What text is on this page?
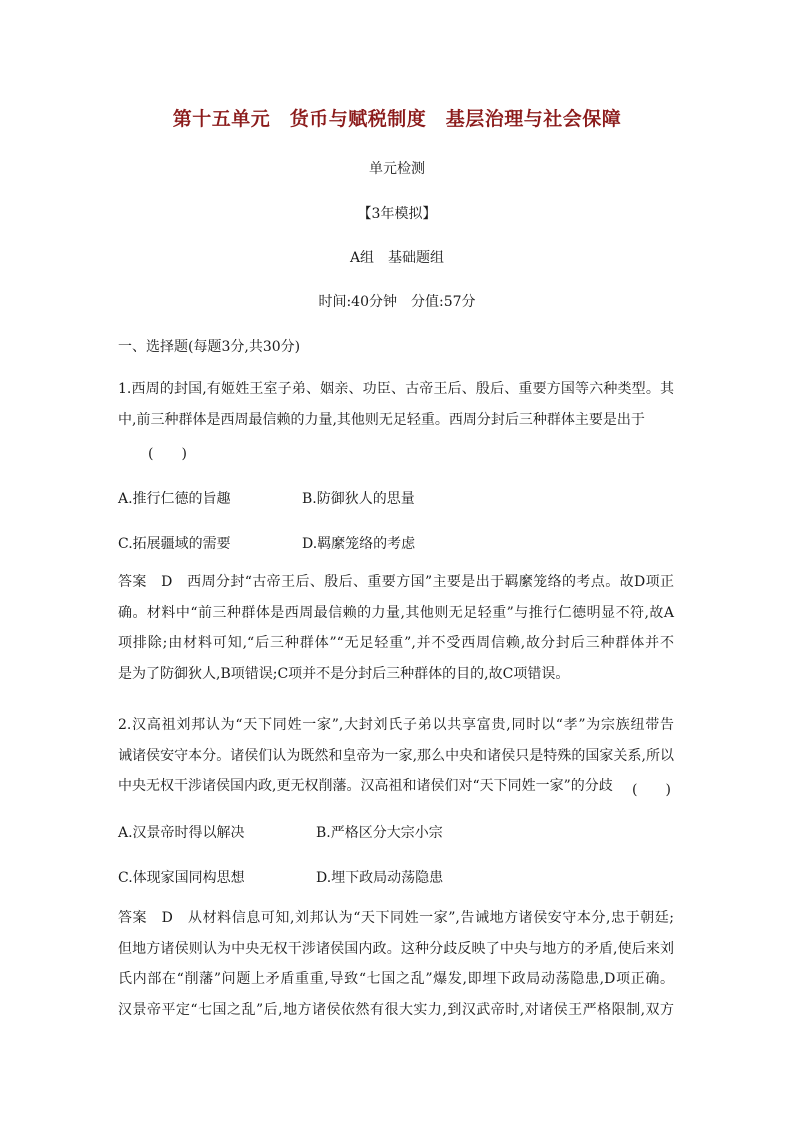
第十五单元　货币与赋税制度　基层治理与社会保障
单元检测
【3年模拟】
A组　基础题组
时间:40分钟　分值:57分
一、选择题(每题3分,共30分)
1.西周的封国,有姬姓王室子弟、姻亲、功臣、古帝王后、殷后、重要方国等六种类型。其
中,前三种群体是西周最信赖的力量,其他则无足轻重。西周分封后三种群体主要是出于
(　　)
A.推行仁德的旨趣	B.防御狄人的思量
C.拓展疆域的需要	D.羁縻笼络的考虑
答案　D　西周分封“古帝王后、殷后、重要方国”主要是出于羁縻笼络的考点。故D项正
确。材料中“前三种群体是西周最信赖的力量,其他则无足轻重”与推行仁德明显不符,故A
项排除;由材料可知,“后三种群体”“无足轻重”,并不受西周信赖,故分封后三种群体并不
是为了防御狄人,B项错误;C项并不是分封后三种群体的目的,故C项错误。
2.汉高祖刘邦认为“天下同姓一家”,大封刘氏子弟以共享富贵,同时以“孝”为宗族纽带告
诫诸侯安守本分。诸侯们认为既然和皇帝为一家,那么中央和诸侯只是特殊的国家关系,所以
中央无权干涉诸侯国内政,更无权削藩。汉高祖和诸侯们对“天下同姓一家”的分歧	(　　)
A.汉景帝时得以解决	B.严格区分大宗小宗
C.体现家国同构思想	D.埋下政局动荡隐患
答案　D　从材料信息可知,刘邦认为“天下同姓一家”,告诫地方诸侯安守本分,忠于朝廷;
但地方诸侯则认为中央无权干涉诸侯国内政。这种分歧反映了中央与地方的矛盾,使后来刘
氏内部在“削藩”问题上矛盾重重,导致“七国之乱”爆发,即埋下政局动荡隐患,D项正确。
汉景帝平定“七国之乱”后,地方诸侯依然有很大实力,到汉武帝时,对诸侯王严格限制,双方
